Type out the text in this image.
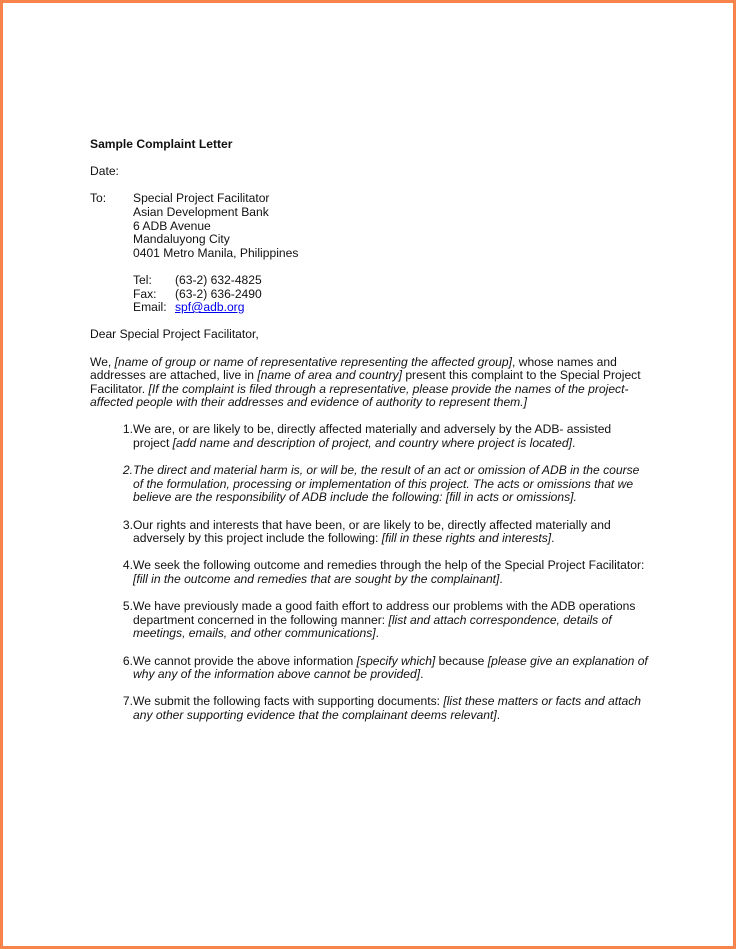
Sample Complaint Letter
Date:
To:	Special Project Facilitator
Asian Development Bank
6 ADB Avenue
Mandaluyong City
0401 Metro Manila, Philippines
Tel:	(63-2) 632-4825
Fax:	(63-2) 636-2490
Email: spf@adb.org
Dear Special Project Facilitator,
We, [name of group or name of representative representing the affected group], whose names and addresses are attached, live in [name of area and country] present this complaint to the Special Project Facilitator. [If the complaint is filed through a representative, please provide the names of the project-affected people with their addresses and evidence of authority to represent them.]
1. We are, or are likely to be, directly affected materially and adversely by the ADB- assisted project [add name and description of project, and country where project is located].
2. The direct and material harm is, or will be, the result of an act or omission of ADB in the course of the formulation, processing or implementation of this project. The acts or omissions that we believe are the responsibility of ADB include the following: [fill in acts or omissions].
3. Our rights and interests that have been, or are likely to be, directly affected materially and adversely by this project include the following: [fill in these rights and interests].
4. We seek the following outcome and remedies through the help of the Special Project Facilitator: [fill in the outcome and remedies that are sought by the complainant].
5. We have previously made a good faith effort to address our problems with the ADB operations department concerned in the following manner: [list and attach correspondence, details of meetings, emails, and other communications].
6. We cannot provide the above information [specify which] because [please give an explanation of why any of the information above cannot be provided].
7. We submit the following facts with supporting documents: [list these matters or facts and attach any other supporting evidence that the complainant deems relevant].
